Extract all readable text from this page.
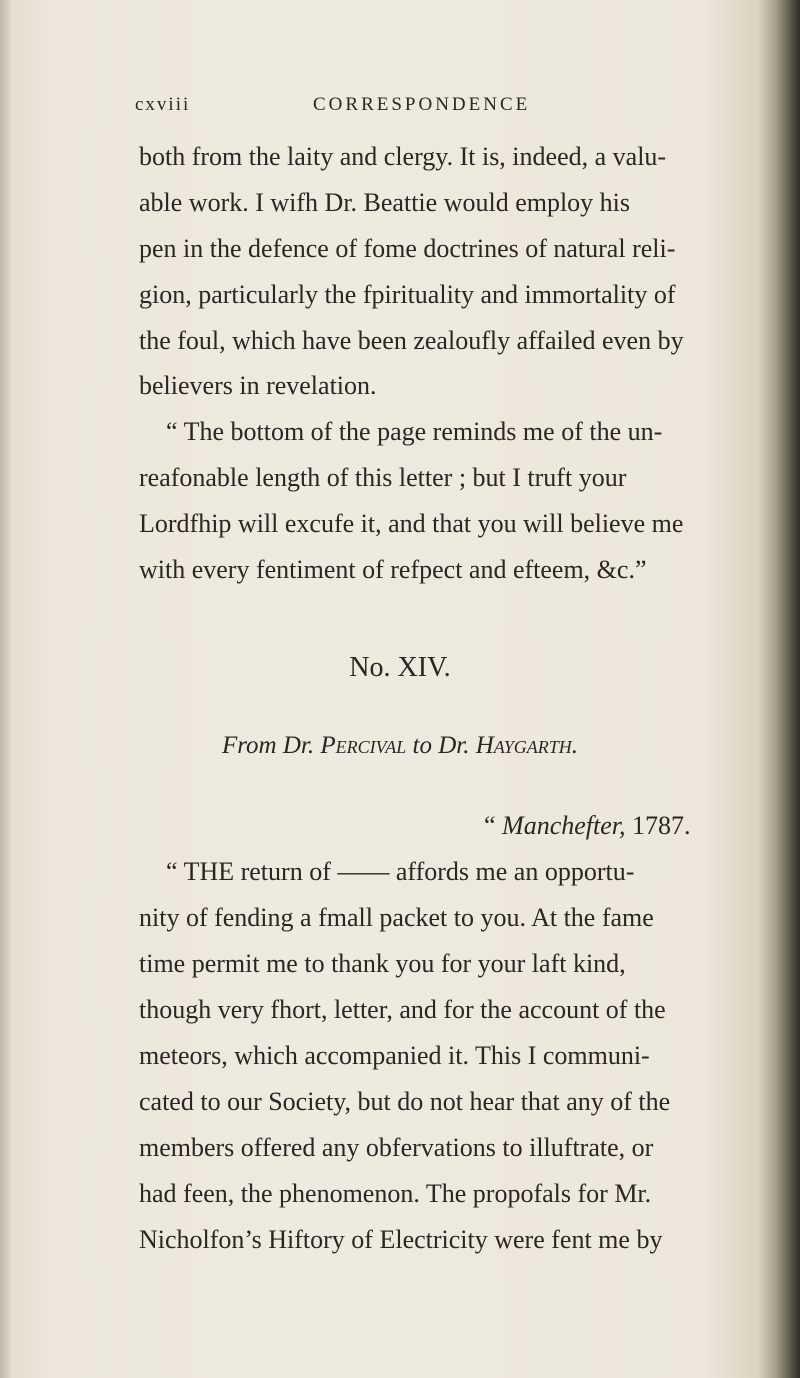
cxviii	CORRESPONDENCE
both from the laity and clergy. It is, indeed, a valu-
able work. I wifh Dr. Beattie would employ his
pen in the defence of fome doctrines of natural reli-
gion, particularly the fpirituality and immortality of
the foul, which have been zealoufly affailed even by
believers in revelation.
“ The bottom of the page reminds me of the un-
reafonable length of this letter ; but I truft your
Lordfhip will excufe it, and that you will believe me
with every fentiment of refpect and efteem, &c.”
No. XIV.
From Dr. Percival to Dr. Haygarth.
“ Manchefter, 1787.
“ THE return of —— affords me an opportu-
nity of fending a fmall packet to you. At the fame
time permit me to thank you for your laft kind,
though very fhort, letter, and for the account of the
meteors, which accompanied it. This I communi-
cated to our Society, but do not hear that any of the
members offered any obfervations to illuftrate, or
had feen, the phenomenon. The propofals for Mr.
Nicholfon’s Hiftory of Electricity were fent me by
